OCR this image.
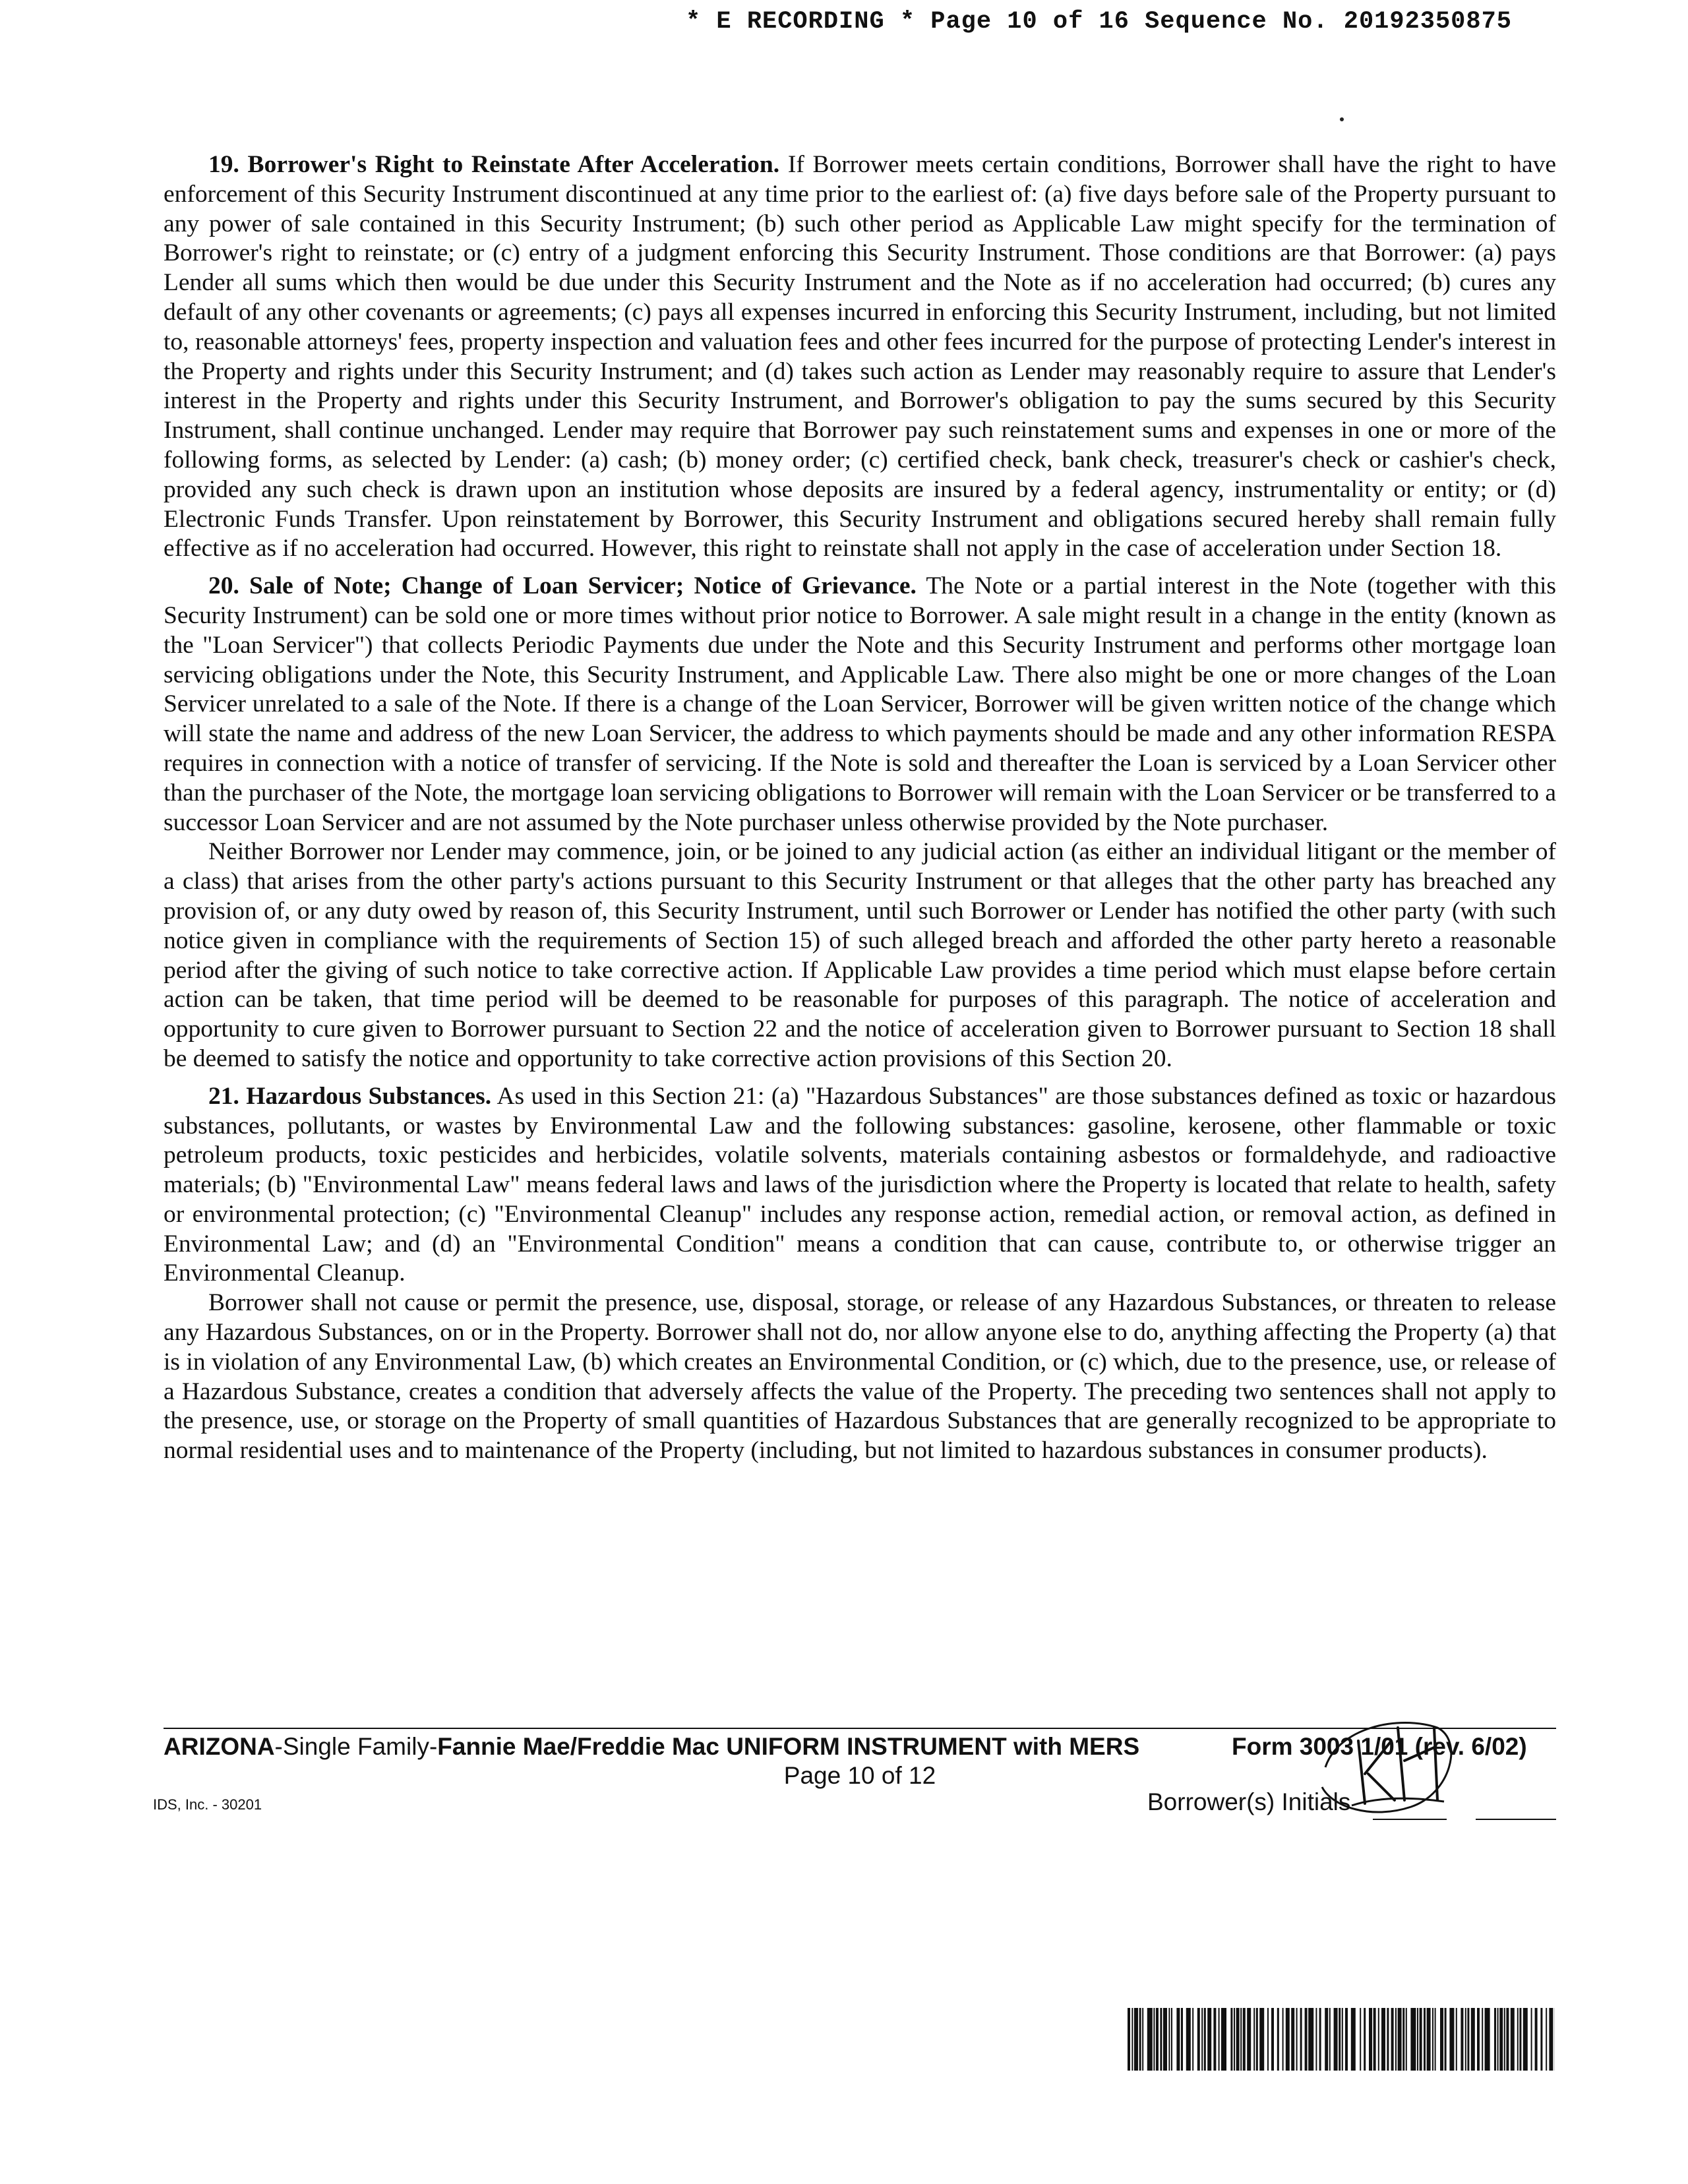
* E RECORDING * Page 10 of 16 Sequence No. 20192350875

19. Borrower's Right to Reinstate After Acceleration. If Borrower meets certain conditions, Borrower shall have the right to have enforcement of this Security Instrument discontinued at any time prior to the earliest of: (a) five days before sale of the Property pursuant to any power of sale contained in this Security Instrument; (b) such other period as Applicable Law might specify for the termination of Borrower's right to reinstate; or (c) entry of a judgment enforcing this Security Instrument. Those conditions are that Borrower: (a) pays Lender all sums which then would be due under this Security Instrument and the Note as if no acceleration had occurred; (b) cures any default of any other covenants or agreements; (c) pays all expenses incurred in enforcing this Security Instrument, including, but not limited to, reasonable attorneys' fees, property inspection and valuation fees and other fees incurred for the purpose of protecting Lender's interest in the Property and rights under this Security Instrument; and (d) takes such action as Lender may reasonably require to assure that Lender's interest in the Property and rights under this Security Instrument, and Borrower's obligation to pay the sums secured by this Security Instrument, shall continue unchanged. Lender may require that Borrower pay such reinstatement sums and expenses in one or more of the following forms, as selected by Lender: (a) cash; (b) money order; (c) certified check, bank check, treasurer's check or cashier's check, provided any such check is drawn upon an institution whose deposits are insured by a federal agency, instrumentality or entity; or (d) Electronic Funds Transfer. Upon reinstatement by Borrower, this Security Instrument and obligations secured hereby shall remain fully effective as if no acceleration had occurred. However, this right to reinstate shall not apply in the case of acceleration under Section 18.

20. Sale of Note; Change of Loan Servicer; Notice of Grievance. The Note or a partial interest in the Note (together with this Security Instrument) can be sold one or more times without prior notice to Borrower. A sale might result in a change in the entity (known as the "Loan Servicer") that collects Periodic Payments due under the Note and this Security Instrument and performs other mortgage loan servicing obligations under the Note, this Security Instrument, and Applicable Law. There also might be one or more changes of the Loan Servicer unrelated to a sale of the Note. If there is a change of the Loan Servicer, Borrower will be given written notice of the change which will state the name and address of the new Loan Servicer, the address to which payments should be made and any other information RESPA requires in connection with a notice of transfer of servicing. If the Note is sold and thereafter the Loan is serviced by a Loan Servicer other than the purchaser of the Note, the mortgage loan servicing obligations to Borrower will remain with the Loan Servicer or be transferred to a successor Loan Servicer and are not assumed by the Note purchaser unless otherwise provided by the Note purchaser.

Neither Borrower nor Lender may commence, join, or be joined to any judicial action (as either an individual litigant or the member of a class) that arises from the other party's actions pursuant to this Security Instrument or that alleges that the other party has breached any provision of, or any duty owed by reason of, this Security Instrument, until such Borrower or Lender has notified the other party (with such notice given in compliance with the requirements of Section 15) of such alleged breach and afforded the other party hereto a reasonable period after the giving of such notice to take corrective action. If Applicable Law provides a time period which must elapse before certain action can be taken, that time period will be deemed to be reasonable for purposes of this paragraph. The notice of acceleration and opportunity to cure given to Borrower pursuant to Section 22 and the notice of acceleration given to Borrower pursuant to Section 18 shall be deemed to satisfy the notice and opportunity to take corrective action provisions of this Section 20.

21. Hazardous Substances. As used in this Section 21: (a) "Hazardous Substances" are those substances defined as toxic or hazardous substances, pollutants, or wastes by Environmental Law and the following substances: gasoline, kerosene, other flammable or toxic petroleum products, toxic pesticides and herbicides, volatile solvents, materials containing asbestos or formaldehyde, and radioactive materials; (b) "Environmental Law" means federal laws and laws of the jurisdiction where the Property is located that relate to health, safety or environmental protection; (c) "Environmental Cleanup" includes any response action, remedial action, or removal action, as defined in Environmental Law; and (d) an "Environmental Condition" means a condition that can cause, contribute to, or otherwise trigger an Environmental Cleanup.

Borrower shall not cause or permit the presence, use, disposal, storage, or release of any Hazardous Substances, or threaten to release any Hazardous Substances, on or in the Property. Borrower shall not do, nor allow anyone else to do, anything affecting the Property (a) that is in violation of any Environmental Law, (b) which creates an Environmental Condition, or (c) which, due to the presence, use, or release of a Hazardous Substance, creates a condition that adversely affects the value of the Property. The preceding two sentences shall not apply to the presence, use, or storage on the Property of small quantities of Hazardous Substances that are generally recognized to be appropriate to normal residential uses and to maintenance of the Property (including, but not limited to hazardous substances in consumer products).

ARIZONA-Single Family-Fannie Mae/Freddie Mac UNIFORM INSTRUMENT with MERS	Form 3003 1/01 (rev. 6/02)
Page 10 of 12
IDS, Inc. - 30201	Borrower(s) Initials
